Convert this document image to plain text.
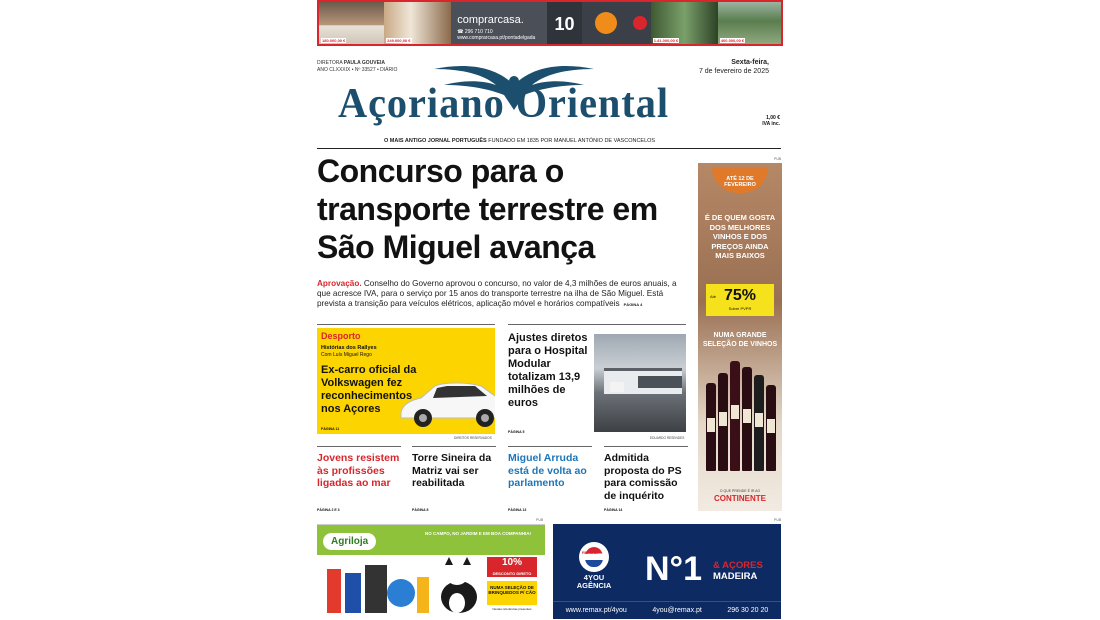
180.000,00 €	249.000,00 €
comprarcasa.
☎ 296 710 710
www.comprarcasa.pt/pontadelgada
10
1.41.000,00 €	400.000,00 €
DIRETORA PAULA GOUVEIA
ANO CLXXXIX • Nº 33527 • DIÁRIO
Sexta-feira,
7 de fevereiro de 2025
Açoriano Oriental	1,00 €
IVA inc.
O MAIS ANTIGO JORNAL PORTUGUÊS FUNDADO EM 1835 POR MANUEL ANTÓNIO DE VASCONCELOS
Concurso para o transporte terrestre em São Miguel avança
Aprovação. Conselho do Governo aprovou o concurso, no valor de 4,3 milhões de euros anuais, a que acresce IVA, para o serviço por 15 anos do transporte terrestre na ilha de São Miguel. Está prevista a transição para veículos elétricos, aplicação móvel e horários compatíveis PÁGINA 4
PUB
ATÉ 12 DE FEVEREIRO
É DE QUEM GOSTA DOS MELHORES VINHOS E DOS PREÇOS AINDA MAIS BAIXOS
Até 75%
Sobre PVPR
NUMA GRANDE SELEÇÃO DE VINHOS
O QUE PRENDE É IR AO
CONTINENTE
Desporto
Histórias dos Rallyes
Com Luís Miguel Rego
Ex-carro oficial da Volkswagen fez reconhecimentos nos Açores
PÁGINA 11
DIREITOS RESERVADOS
Ajustes diretos para o Hospital Modular totalizam 13,9 milhões de euros
PÁGINA 5
EDUARDO RESENDES
Jovens resistem às profissões ligadas ao mar
PÁGINA 2 E 3
Torre Sineira da Matriz vai ser reabilitada
PÁGINA 8
Miguel Arruda está de volta ao parlamento
PÁGINA 13
Admitida proposta do PS para comissão de inquérito
PÁGINA 14
PUB
Agriloja
NO CAMPO, NO JARDIM E EM BOA COMPANHIA!
10%
DESCONTO DIRETO
NUMA SELEÇÃO DE BRINQUEDOS P/ CÃO
Nestas referências presentes
PUB
RE/MAX
4YOU AGÊNCIA N°1 & AÇORES
MADEIRA
www.remax.pt/4you	4you@remax.pt	296 30 20 20
